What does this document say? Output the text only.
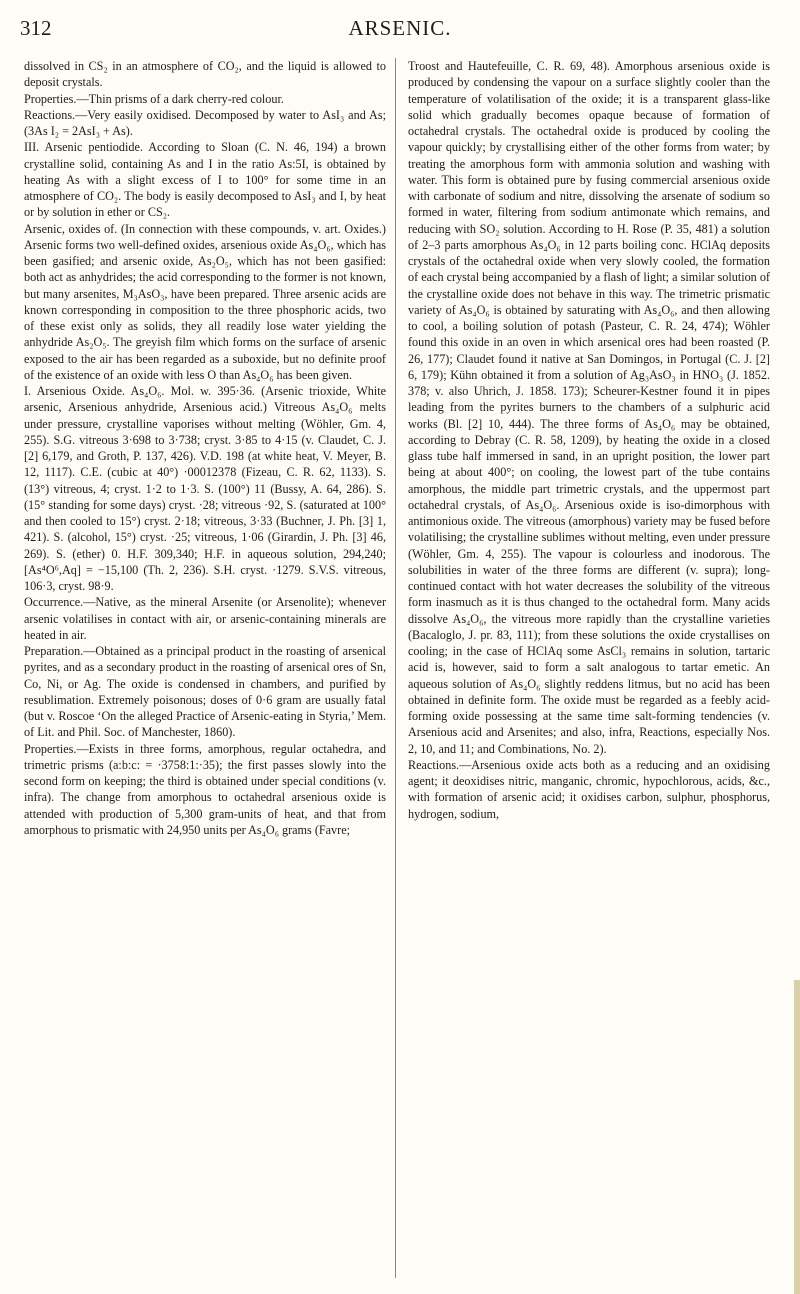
312	ARSENIC.

dissolved in CS₂ in an atmosphere of CO₂, and the liquid is allowed to deposit crystals.

Properties.—Thin prisms of a dark cherry-red colour.

Reactions.—Very easily oxidised. Decomposed by water to AsI₃ and As; (3As I₂ = 2AsI₃ + As).

III. Arsenic pentiodide. According to Sloan (C. N. 46, 194) a brown crystalline solid, containing As and I in the ratio As:5I, is obtained by heating As with a slight excess of I to 100° for some time in an atmosphere of CO₂. The body is easily decomposed to AsI₃ and I, by heat or by solution in ether or CS₂.

Arsenic, oxides of. (In connection with these compounds, v. art. Oxides.) Arsenic forms two well-defined oxides, arsenious oxide As₄O₆, which has been gasified; and arsenic oxide, As₂O₅, which has not been gasified: both act as anhydrides; the acid corresponding to the former is not known, but many arsenites, M₃AsO₃, have been prepared. Three arsenic acids are known corresponding in composition to the three phosphoric acids, two of these exist only as solids, they all readily lose water yielding the anhydride As₂O₅. The greyish film which forms on the surface of arsenic exposed to the air has been regarded as a suboxide, but no definite proof of the existence of an oxide with less O than As₄O₆ has been given.

I. Arsenious Oxide. As₄O₆. Mol. w. 395·36. (Arsenic trioxide, White arsenic, Arsenious anhydride, Arsenious acid.) Vitreous As₄O₆ melts under pressure, crystalline vaporises without melting (Wöhler, Gm. 4, 255). S.G. vitreous 3·698 to 3·738; cryst. 3·85 to 4·15 (v. Claudet, C. J. [2] 6,179, and Groth, P. 137, 426). V.D. 198 (at white heat, V. Meyer, B. 12, 1117). C.E. (cubic at 40°) ·00012378 (Fizeau, C. R. 62, 1133). S. (13°) vitreous, 4; cryst. 1·2 to 1·3. S. (100°) 11 (Bussy, A. 64, 286). S. (15° standing for some days) cryst. ·28; vitreous ·92, S. (saturated at 100° and then cooled to 15°) cryst. 2·18; vitreous, 3·33 (Buchner, J. Ph. [3] 1, 421). S. (alcohol, 15°) cryst. ·25; vitreous, 1·06 (Girardin, J. Ph. [3] 46, 269). S. (ether) 0. H.F. 309,340; H.F. in aqueous solution, 294,240; [As⁴O⁶,Aq] = −15,100 (Th. 2, 236). S.H. cryst. ·1279. S.V.S. vitreous, 106·3, cryst. 98·9.

Occurrence.—Native, as the mineral Arsenite (or Arsenolite); whenever arsenic volatilises in contact with air, or arsenic-containing minerals are heated in air.

Preparation.—Obtained as a principal product in the roasting of arsenical pyrites, and as a secondary product in the roasting of arsenical ores of Sn, Co, Ni, or Ag. The oxide is condensed in chambers, and purified by resublimation. Extremely poisonous; doses of 0·6 gram are usually fatal (but v. Roscoe ‘On the alleged Practice of Arsenic-eating in Styria,’ Mem. of Lit. and Phil. Soc. of Manchester, 1860).

Properties.—Exists in three forms, amorphous, regular octahedra, and trimetric prisms (a:b:c: = ·3758:1:·35); the first passes slowly into the second form on keeping; the third is obtained under special conditions (v. infra). The change from amorphous to octahedral arsenious oxide is attended with production of 5,300 gram-units of heat, and that from amorphous to prismatic with 24,950 units per As₄O₆ grams (Favre;

Troost and Hautefeuille, C. R. 69, 48). Amorphous arsenious oxide is produced by condensing the vapour on a surface slightly cooler than the temperature of volatilisation of the oxide; it is a transparent glass-like solid which gradually becomes opaque because of formation of octahedral crystals. The octahedral oxide is produced by cooling the vapour quickly; by crystallising either of the other forms from water; by treating the amorphous form with ammonia solution and washing with water. This form is obtained pure by fusing commercial arsenious oxide with carbonate of sodium and nitre, dissolving the arsenate of sodium so formed in water, filtering from sodium antimonate which remains, and reducing with SO₂ solution. According to H. Rose (P. 35, 481) a solution of 2–3 parts amorphous As₄O₆ in 12 parts boiling conc. HClAq deposits crystals of the octahedral oxide when very slowly cooled, the formation of each crystal being accompanied by a flash of light; a similar solution of the crystalline oxide does not behave in this way. The trimetric prismatic variety of As₄O₆ is obtained by saturating with As₄O₆, and then allowing to cool, a boiling solution of potash (Pasteur, C. R. 24, 474); Wöhler found this oxide in an oven in which arsenical ores had been roasted (P. 26, 177); Claudet found it native at San Domingos, in Portugal (C. J. [2] 6, 179); Kühn obtained it from a solution of Ag₃AsO₃ in HNO₃ (J. 1852. 378; v. also Uhrich, J. 1858. 173); Scheurer-Kestner found it in pipes leading from the pyrites burners to the chambers of a sulphuric acid works (Bl. [2] 10, 444). The three forms of As₄O₆ may be obtained, according to Debray (C. R. 58, 1209), by heating the oxide in a closed glass tube half immersed in sand, in an upright position, the lower part being at about 400°; on cooling, the lowest part of the tube contains amorphous, the middle part trimetric crystals, and the uppermost part octahedral crystals, of As₄O₆. Arsenious oxide is iso-dimorphous with antimonious oxide. The vitreous (amorphous) variety may be fused before volatilising; the crystalline sublimes without melting, even under pressure (Wöhler, Gm. 4, 255). The vapour is colourless and inodorous. The solubilities in water of the three forms are different (v. supra); long-continued contact with hot water decreases the solubility of the vitreous form inasmuch as it is thus changed to the octahedral form. Many acids dissolve As₄O₆, the vitreous more rapidly than the crystalline varieties (Bacaloglo, J. pr. 83, 111); from these solutions the oxide crystallises on cooling; in the case of HClAq some AsCl₃ remains in solution, tartaric acid is, however, said to form a salt analogous to tartar emetic. An aqueous solution of As₄O₆ slightly reddens litmus, but no acid has been obtained in definite form. The oxide must be regarded as a feebly acid-forming oxide possessing at the same time salt-forming tendencies (v. Arsenious acid and Arsenites; and also, infra, Reactions, especially Nos. 2, 10, and 11; and Combinations, No. 2).

Reactions.—Arsenious oxide acts both as a reducing and an oxidising agent; it deoxidises nitric, manganic, chromic, hypochlorous, acids, &c., with formation of arsenic acid; it oxidises carbon, sulphur, phosphorus, hydrogen, sodium,
